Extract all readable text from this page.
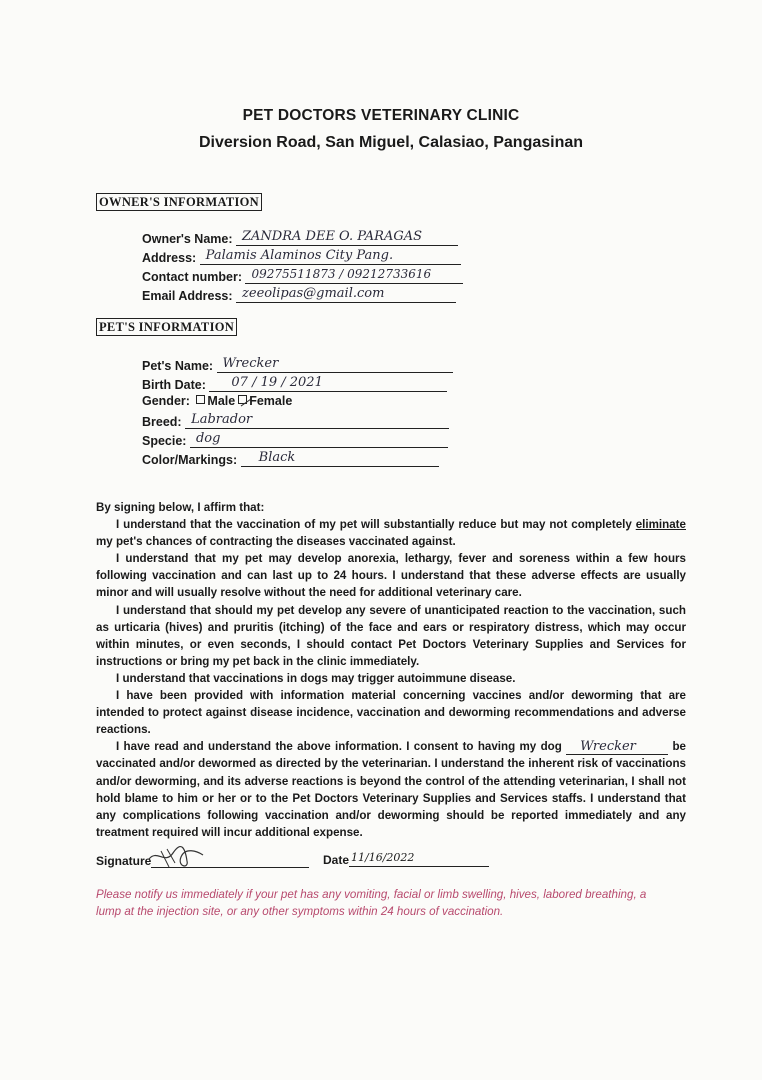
PET DOCTORS VETERINARY CLINIC
Diversion Road, San Miguel, Calasiao, Pangasinan
OWNER'S INFORMATION
Owner's Name: ZANDRA DEE O. PARAGAS
Address: Palamis Alaminos City Pang.
Contact number: 09275511873 / 09212733616
Email Address: zeeolipas@gmail.com
PET'S INFORMATION
Pet's Name: Wrecker
Birth Date: 07 / 19 / 2021
Gender: Male Female
Breed: Labrador
Specie: dog
Color/Markings: Black

By signing below, I affirm that:

I understand that the vaccination of my pet will substantially reduce but may not completely eliminate my pet's chances of contracting the diseases vaccinated against.

I understand that my pet may develop anorexia, lethargy, fever and soreness within a few hours following vaccination and can last up to 24 hours. I understand that these adverse effects are usually minor and will usually resolve without the need for additional veterinary care.

I understand that should my pet develop any severe of unanticipated reaction to the vaccination, such as urticaria (hives) and pruritis (itching) of the face and ears or respiratory distress, which may occur within minutes, or even seconds, I should contact Pet Doctors Veterinary Supplies and Services for instructions or bring my pet back in the clinic immediately.

I understand that vaccinations in dogs may trigger autoimmune disease.

I have been provided with information material concerning vaccines and/or deworming that are intended to protect against disease incidence, vaccination and deworming recommendations and adverse reactions.

I have read and understand the above information. I consent to having my dog Wrecker	be vaccinated and/or dewormed as directed by the veterinarian. I understand the inherent risk of vaccinations and/or deworming, and its adverse reactions is beyond the control of the attending veterinarian, I shall not hold blame to him or her or to the Pet Doctors Veterinary Supplies and Services staffs. I understand that any complications following vaccination and/or deworming should be reported immediately and any treatment required will incur additional expense.

Signature	Date 11/16/2022
Please notify us immediately if your pet has any vomiting, facial or limb swelling, hives, labored breathing, a lump at the injection site, or any other symptoms within 24 hours of vaccination.
